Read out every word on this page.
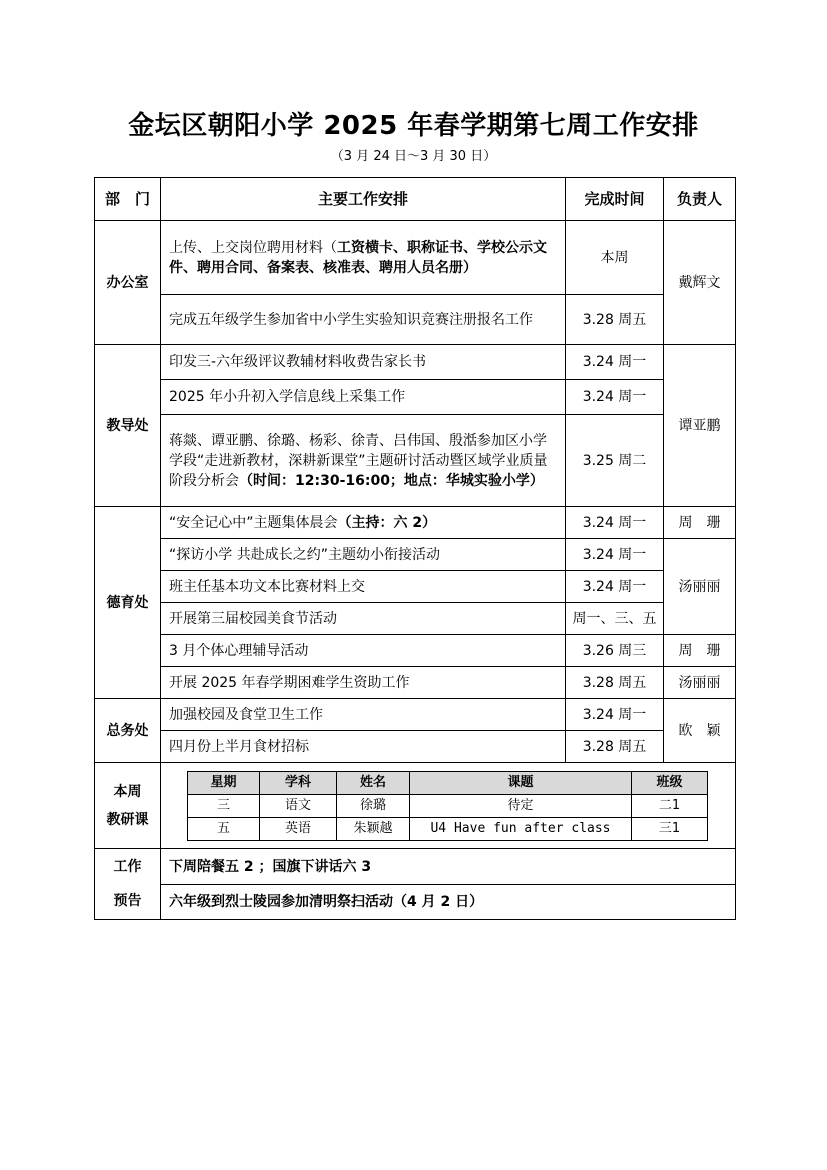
金坛区朝阳小学 2025 年春学期第七周工作安排
（3 月 24 日～3 月 30 日）
部　门	主要工作安排	完成时间	负责人
办公室	上传、上交岗位聘用材料（工资横卡、职称证书、学校公示文件、聘用合同、备案表、核准表、聘用人员名册）	本周	戴辉文
完成五年级学生参加省中小学生实验知识竞赛注册报名工作	3.28 周五
教导处	印发三-六年级评议教辅材料收费告家长书	3.24 周一	谭亚鹏
2025 年小升初入学信息线上采集工作	3.24 周一
蒋燚、谭亚鹏、徐璐、杨彩、徐青、吕伟国、殷湉参加区小学学段“走进新教材，深耕新课堂”主题研讨活动暨区域学业质量阶段分析会（时间：12:30-16:00；地点：华城实验小学）	3.25 周二
德育处	“安全记心中”主题集体晨会（主持：六 2）	3.24 周一	周　珊
“探访小学 共赴成长之约”主题幼小衔接活动	3.24 周一	汤丽丽
班主任基本功文本比赛材料上交	3.24 周一
开展第三届校园美食节活动	周一、三、五
3 月个体心理辅导活动	3.26 周三	周　珊
开展 2025 年春学期困难学生资助工作	3.28 周五	汤丽丽
总务处	加强校园及食堂卫生工作	3.24 周一	欧　颖
四月份上半月食材招标	3.28 周五

本周
教研课

星期	学科	姓名	课题	班级
三	语文	徐璐	待定	二1
五	英语	朱颖越	U4 Have fun after class	三1

工作
预告
	下周陪餐五 2 ；国旗下讲话六 3
六年级到烈士陵园参加清明祭扫活动（4 月 2 日）
